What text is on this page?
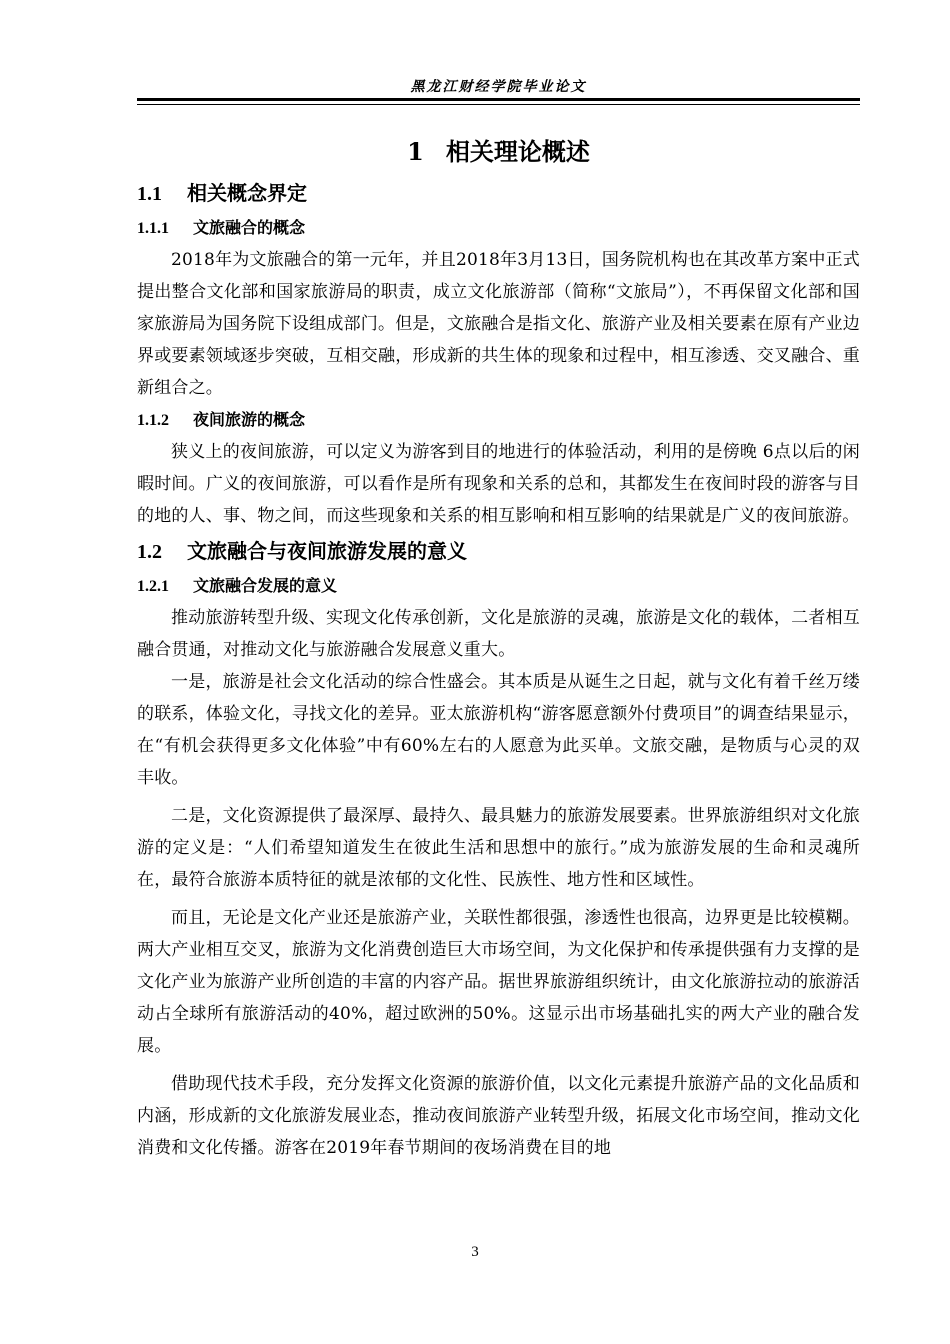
黑龙江财经学院毕业论文
1 相关理论概述
1.1 相关概念界定
1.1.1 文旅融合的概念

2018年为文旅融合的第一元年，并且2018年3月13日，国务院机构也在其改革方案中正式提出整合文化部和国家旅游局的职责，成立文化旅游部（简称“文旅局”），不再保留文化部和国家旅游局为国务院下设组成部门。但是，文旅融合是指文化、旅游产业及相关要素在原有产业边界或要素领域逐步突破，互相交融，形成新的共生体的现象和过程中，相互渗透、交叉融合、重新组合之。

1.1.2 夜间旅游的概念

狭义上的夜间旅游，可以定义为游客到目的地进行的体验活动，利用的是傍晚 6点以后的闲暇时间。广义的夜间旅游，可以看作是所有现象和关系的总和，其都发生在夜间时段的游客与目的地的人、事、物之间，而这些现象和关系的相互影响和相互影响的结果就是广义的夜间旅游。

1.2 文旅融合与夜间旅游发展的意义
1.2.1 文旅融合发展的意义

推动旅游转型升级、实现文化传承创新，文化是旅游的灵魂，旅游是文化的载体，二者相互融合贯通，对推动文化与旅游融合发展意义重大。

一是，旅游是社会文化活动的综合性盛会。其本质是从诞生之日起，就与文化有着千丝万缕的联系，体验文化，寻找文化的差异。亚太旅游机构“游客愿意额外付费项目”的调查结果显示，在“有机会获得更多文化体验”中有60%左右的人愿意为此买单。文旅交融，是物质与心灵的双丰收。

二是，文化资源提供了最深厚、最持久、最具魅力的旅游发展要素。世界旅游组织对文化旅游的定义是：“人们希望知道发生在彼此生活和思想中的旅行。”成为旅游发展的生命和灵魂所在，最符合旅游本质特征的就是浓郁的文化性、民族性、地方性和区域性。

而且，无论是文化产业还是旅游产业，关联性都很强，渗透性也很高，边界更是比较模糊。两大产业相互交叉，旅游为文化消费创造巨大市场空间，为文化保护和传承提供强有力支撑的是文化产业为旅游产业所创造的丰富的内容产品。据世界旅游组织统计，由文化旅游拉动的旅游活动占全球所有旅游活动的40%，超过欧洲的50%。这显示出市场基础扎实的两大产业的融合发展。

借助现代技术手段，充分发挥文化资源的旅游价值，以文化元素提升旅游产品的文化品质和内涵，形成新的文化旅游发展业态，推动夜间旅游产业转型升级，拓展文化市场空间，推动文化消费和文化传播。游客在2019年春节期间的夜场消费在目的地

3
